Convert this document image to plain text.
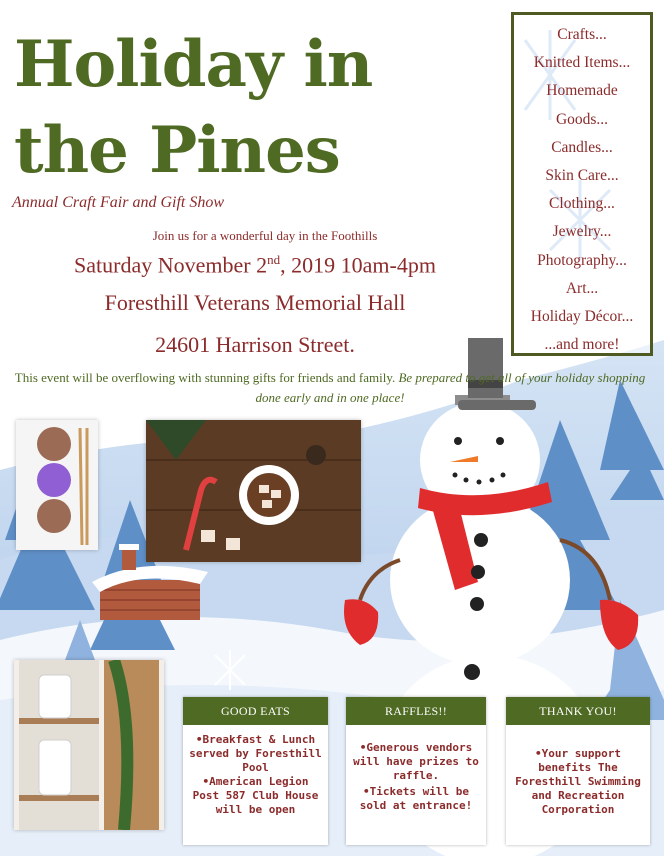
Holiday in
the Pines
Annual Craft Fair and Gift Show
Join us for a wonderful day in the Foothills
Saturday November 2nd, 2019 10am-4pm
Foresthill Veterans Memorial Hall
24601 Harrison Street.
This event will be overflowing with stunning gifts for friends and family. Be prepared to get all of your holiday shopping done early and in one place!
Crafts...
Knitted Items...
Homemade
Goods...
Candles...
Skin Care...
Clothing...
Jewelry...
Photography...
Art...
Holiday Décor...
...and more!
GOOD EATS

•Breakfast & Lunch served by Foresthill Pool

•American Legion Post 587 Club House will be open

RAFFLES!!

•Generous vendors will have prizes to raffle.

•Tickets will be sold at entrance!

THANK YOU!

•Your support benefits The Foresthill Swimming and Recreation Corporation
